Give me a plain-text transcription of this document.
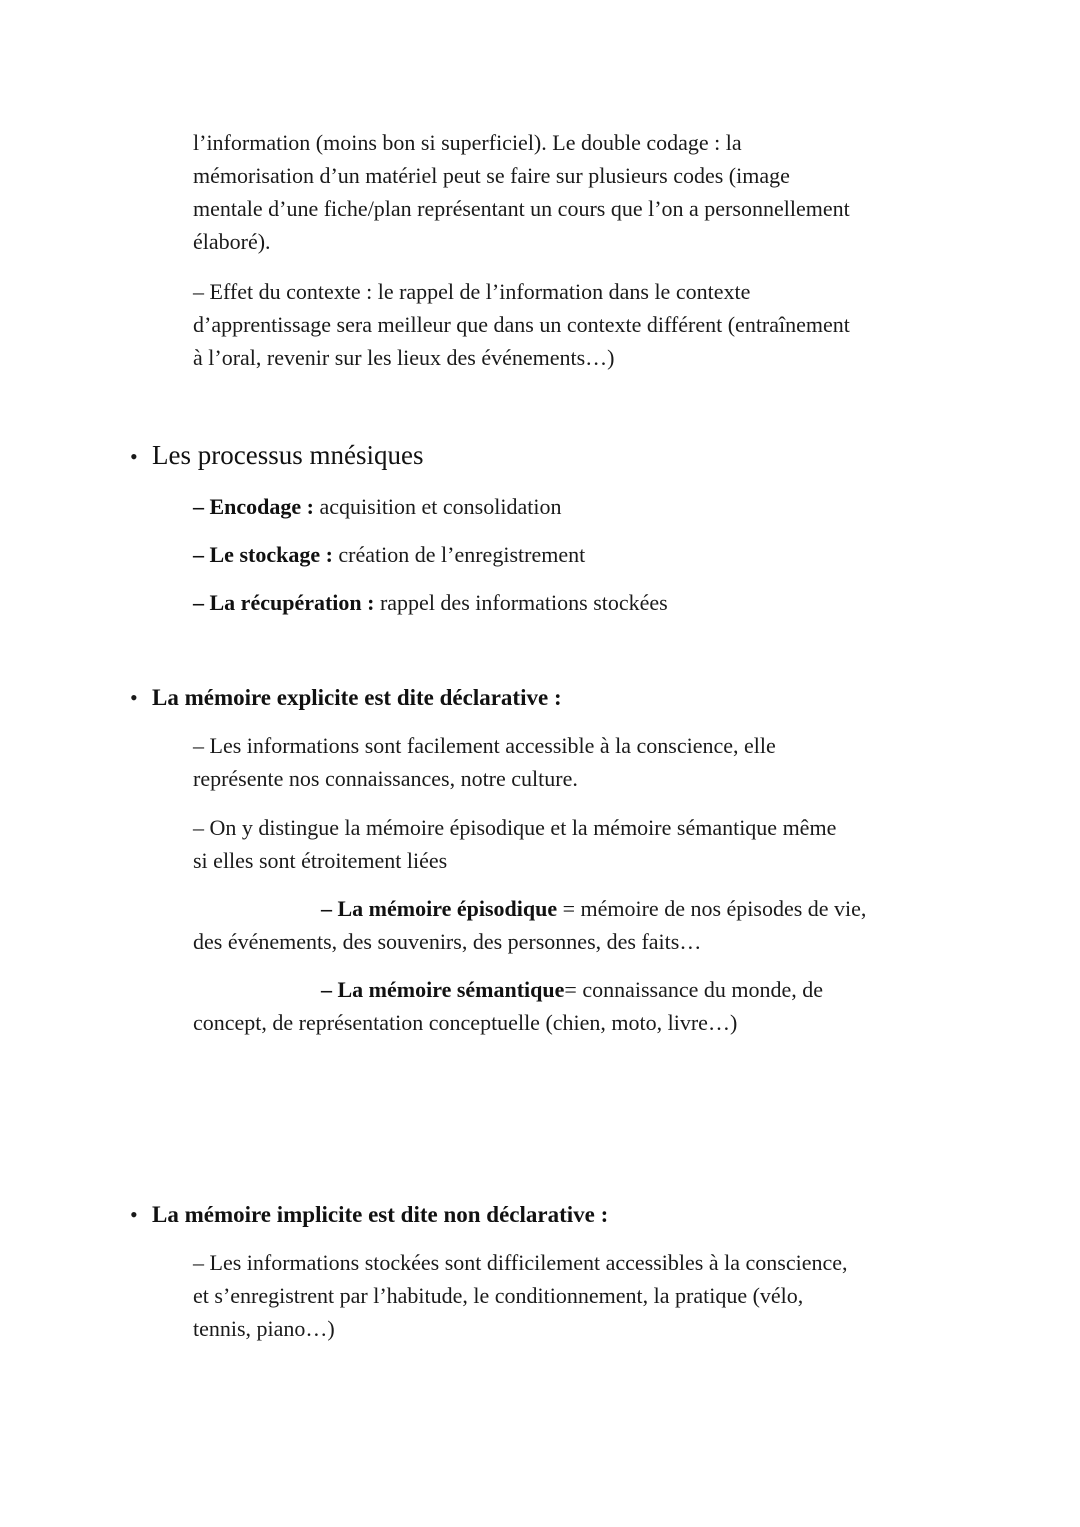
l’information (moins bon si superficiel). Le double codage : la
mémorisation d’un matériel peut se faire sur plusieurs codes (image
mentale d’une fiche/plan représentant un cours que l’on a personnellement
élaboré).

– Effet du contexte : le rappel de l’information dans le contexte
d’apprentissage sera meilleur que dans un contexte différent (entraînement
à l’oral, revenir sur les lieux des événements…)

• Les processus mnésiques

– Encodage : acquisition et consolidation

– Le stockage : création de l’enregistrement

– La récupération : rappel des informations stockées

• La mémoire explicite est dite déclarative :

– Les informations sont facilement accessible à la conscience, elle
représente nos connaissances, notre culture.

– On y distingue la mémoire épisodique et la mémoire sémantique même
si elles sont étroitement liées

– La mémoire épisodique = mémoire de nos épisodes de vie,
des événements, des souvenirs, des personnes, des faits…

– La mémoire sémantique= connaissance du monde, de
concept, de représentation conceptuelle (chien, moto, livre…)

• La mémoire implicite est dite non déclarative :

– Les informations stockées sont difficilement accessibles à la conscience,
et s’enregistrent par l’habitude, le conditionnement, la pratique (vélo,
tennis, piano…)
